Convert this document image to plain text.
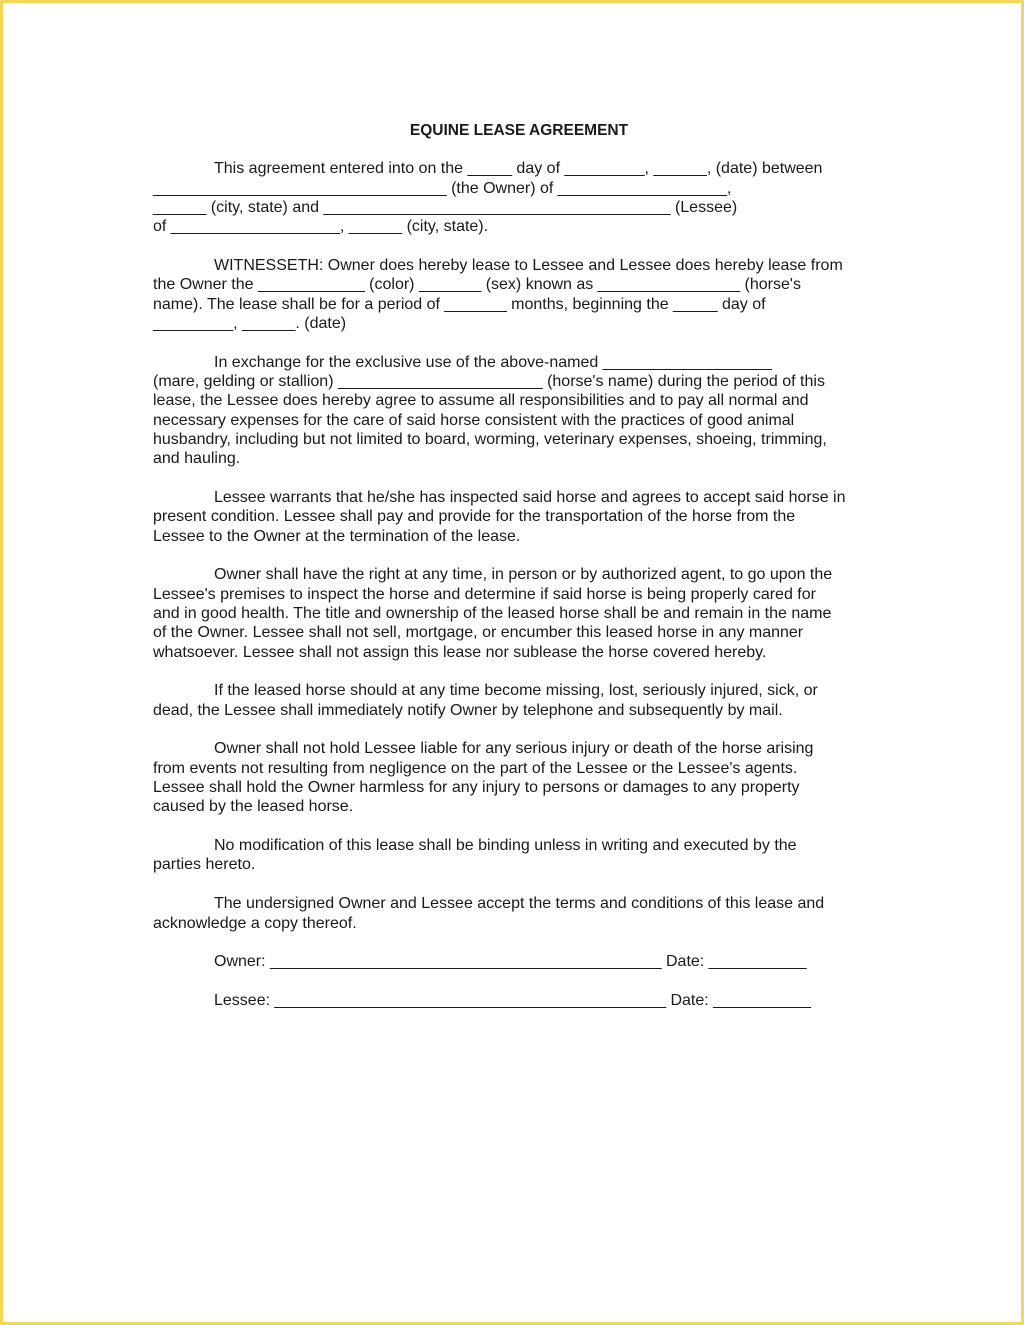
EQUINE LEASE AGREEMENT
This agreement entered into on the _____ day of _________, ______, (date) between
_________________________________ (the Owner) of ___________________,
______ (city, state) and _______________________________________ (Lessee)
of ___________________, ______ (city, state).
WITNESSETH: Owner does hereby lease to Lessee and Lessee does hereby lease from
the Owner the ____________ (color) _______ (sex) known as ________________ (horse's
name). The lease shall be for a period of _______ months, beginning the _____ day of
_________, ______. (date)
In exchange for the exclusive use of the above-named ___________________
(mare, gelding or stallion) _______________________ (horse's name) during the period of this
lease, the Lessee does hereby agree to assume all responsibilities and to pay all normal and
necessary expenses for the care of said horse consistent with the practices of good animal
husbandry, including but not limited to board, worming, veterinary expenses, shoeing, trimming,
and hauling.
Lessee warrants that he/she has inspected said horse and agrees to accept said horse in
present condition. Lessee shall pay and provide for the transportation of the horse from the
Lessee to the Owner at the termination of the lease.
Owner shall have the right at any time, in person or by authorized agent, to go upon the
Lessee's premises to inspect the horse and determine if said horse is being properly cared for
and in good health. The title and ownership of the leased horse shall be and remain in the name
of the Owner. Lessee shall not sell, mortgage, or encumber this leased horse in any manner
whatsoever. Lessee shall not assign this lease nor sublease the horse covered hereby.
If the leased horse should at any time become missing, lost, seriously injured, sick, or
dead, the Lessee shall immediately notify Owner by telephone and subsequently by mail.
Owner shall not hold Lessee liable for any serious injury or death of the horse arising
from events not resulting from negligence on the part of the Lessee or the Lessee's agents.
Lessee shall hold the Owner harmless for any injury to persons or damages to any property
caused by the leased horse.
No modification of this lease shall be binding unless in writing and executed by the
parties hereto.
The undersigned Owner and Lessee accept the terms and conditions of this lease and
acknowledge a copy thereof.
Owner: ____________________________________________ Date: ___________
Lessee: ____________________________________________ Date: ___________
